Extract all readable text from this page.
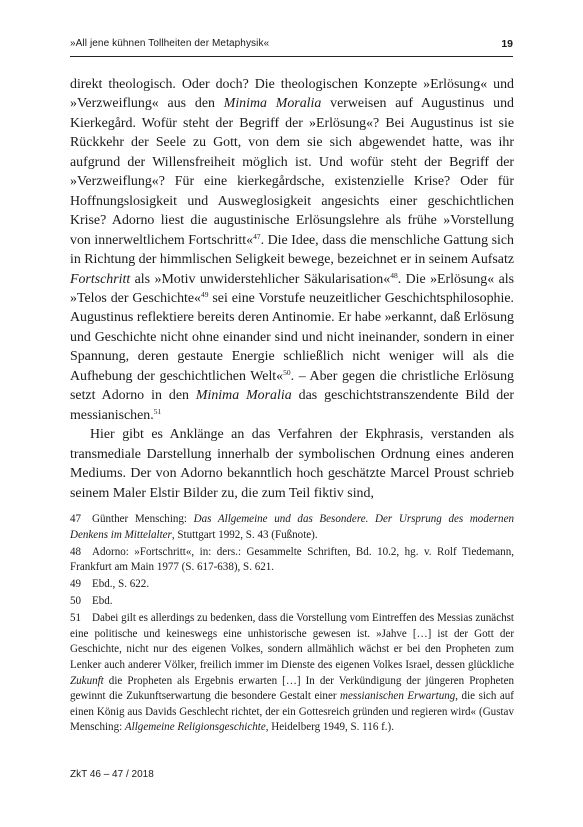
»All jene kühnen Tollheiten der Metaphysik«	19

direkt theologisch. Oder doch? Die theologischen Konzepte »Erlösung« und »Verzweiflung« aus den Minima Moralia verweisen auf Augustinus und Kierkegård. Wofür steht der Begriff der »Erlösung«? Bei Augustinus ist sie Rückkehr der Seele zu Gott, von dem sie sich abgewendet hatte, was ihr aufgrund der Willensfreiheit möglich ist. Und wofür steht der Begriff der »Verzweiflung«? Für eine kierkegårdsche, existenzielle Krise? Oder für Hoffnungslosigkeit und Ausweglosigkeit angesichts einer geschichtlichen Krise? Adorno liest die augustinische Erlösungslehre als frühe »Vorstellung von innerweltlichem Fortschritt«$^{47}$. Die Idee, dass die menschliche Gattung sich in Richtung der himmlischen Seligkeit bewege, bezeichnet er in seinem Aufsatz Fortschritt als »Motiv unwiderstehlicher Säkularisation«$^{48}$. Die »Erlösung« als »Telos der Geschichte«$^{49}$ sei eine Vorstufe neuzeitlicher Geschichtsphilosophie. Augustinus reflektiere bereits deren Antinomie. Er habe »erkannt, daß Erlösung und Geschichte nicht ohne einander sind und nicht ineinander, sondern in einer Spannung, deren gestaute Energie schließlich nicht weniger will als die Aufhebung der geschichtlichen Welt«$^{50}$. – Aber gegen die christliche Erlösung setzt Adorno in den Minima Moralia das geschichtstranszendente Bild der messianischen.$^{51}$

Hier gibt es Anklänge an das Verfahren der Ekphrasis, verstanden als transmediale Darstellung innerhalb der symbolischen Ordnung eines anderen Mediums. Der von Adorno bekanntlich hoch geschätzte Marcel Proust schrieb seinem Maler Elstir Bilder zu, die zum Teil fiktiv sind,

47 Günther Mensching: Das Allgemeine und das Besondere. Der Ursprung des modernen Denkens im Mittelalter, Stuttgart 1992, S. 43 (Fußnote).
48 Adorno: »Fortschritt«, in: ders.: Gesammelte Schriften, Bd. 10.2, hg. v. Rolf Tiedemann, Frankfurt am Main 1977 (S. 617-638), S. 621.
49 Ebd., S. 622.
50 Ebd.
51 Dabei gilt es allerdings zu bedenken, dass die Vorstellung vom Eintreffen des Messias zunächst eine politische und keineswegs eine unhistorische gewesen ist. »Jahve […] ist der Gott der Geschichte, nicht nur des eigenen Volkes, sondern allmählich wächst er bei den Propheten zum Lenker auch anderer Völker, freilich immer im Dienste des eigenen Volkes Israel, dessen glückliche Zukunft die Propheten als Ergebnis erwarten […] In der Verkündigung der jüngeren Propheten gewinnt die Zukunftserwartung die besondere Gestalt einer messianischen Erwartung, die sich auf einen König aus Davids Geschlecht richtet, der ein Gottesreich gründen und regieren wird« (Gustav Mensching: Allgemeine Religionsgeschichte, Heidelberg 1949, S. 116 f.).
ZkT 46 – 47 / 2018
